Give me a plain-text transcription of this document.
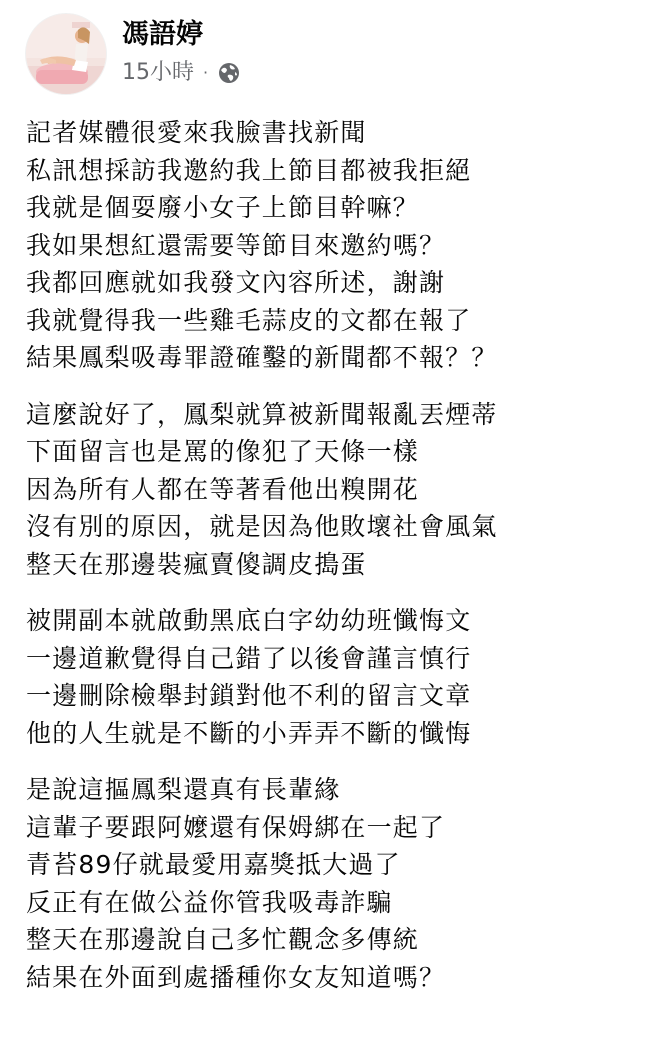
馮語婷
15小時 ·
記者媒體很愛來我臉書找新聞
私訊想採訪我邀約我上節目都被我拒絕
我就是個耍廢小女子上節目幹嘛？
我如果想紅還需要等節目來邀約嗎？
我都回應就如我發文內容所述，謝謝
我就覺得我一些雞毛蒜皮的文都在報了
結果鳳梨吸毒罪證確鑿的新聞都不報？？
這麼說好了，鳳梨就算被新聞報亂丟煙蒂
下面留言也是罵的像犯了天條一樣
因為所有人都在等著看他出糗開花
沒有別的原因，就是因為他敗壞社會風氣
整天在那邊裝瘋賣傻調皮搗蛋
被開副本就啟動黑底白字幼幼班懺悔文
一邊道歉覺得自己錯了以後會謹言慎行
一邊刪除檢舉封鎖對他不利的留言文章
他的人生就是不斷的小弄弄不斷的懺悔
是說這摳鳳梨還真有長輩緣
這輩子要跟阿嬤還有保姆綁在一起了
青苔89仔就最愛用嘉獎抵大過了
反正有在做公益你管我吸毒詐騙
整天在那邊說自己多忙觀念多傳統
結果在外面到處播種你女友知道嗎？
